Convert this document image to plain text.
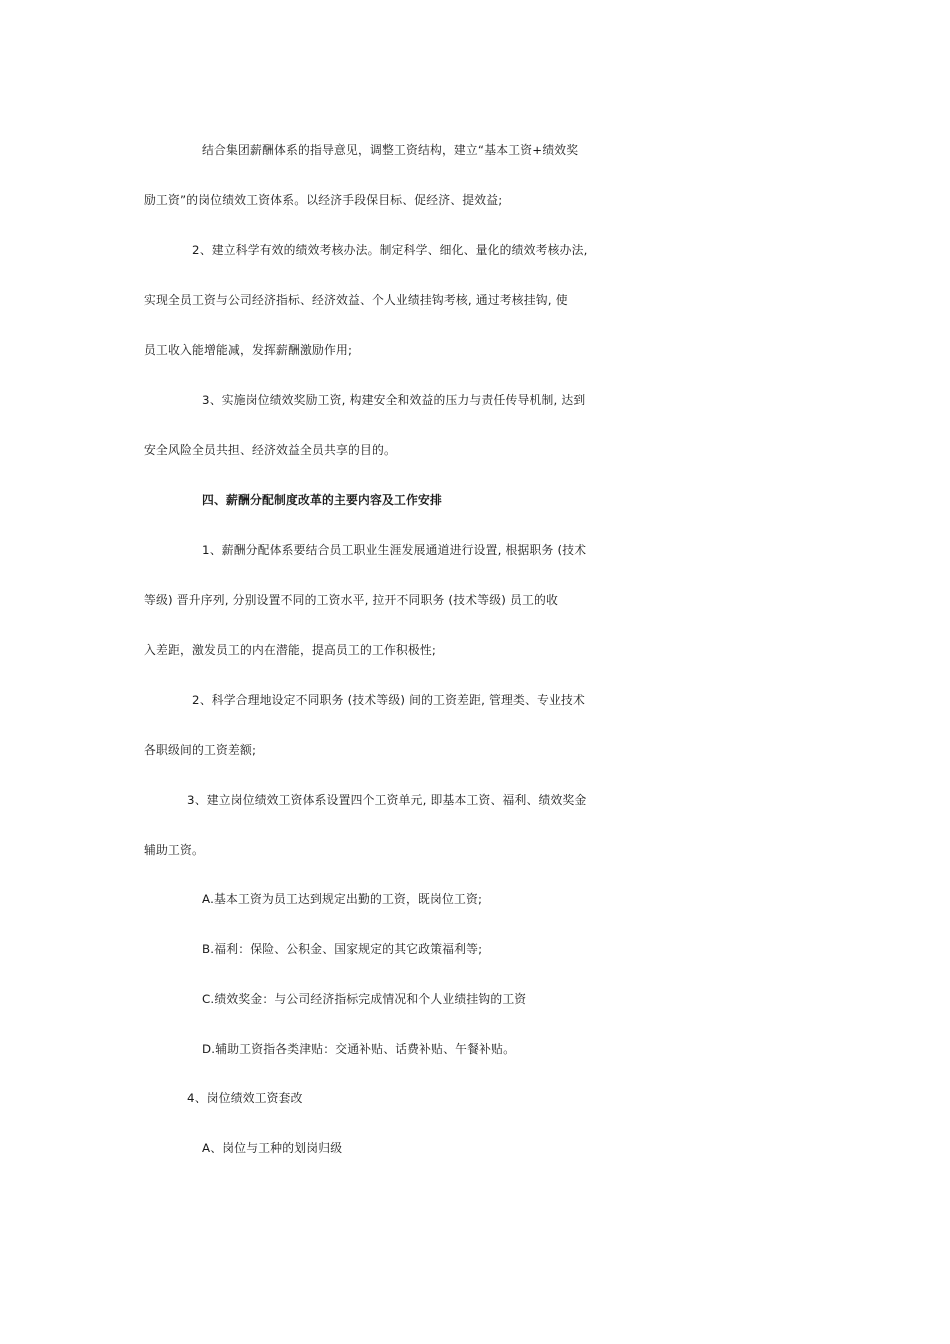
结合集团薪酬体系的指导意见，调整工资结构，建立“基本工资+绩效奖
励工资”的岗位绩效工资体系。以经济手段保目标、促经济、提效益;
2、建立科学有效的绩效考核办法。制定科学、细化、量化的绩效考核办法,
实现全员工资与公司经济指标、经济效益、个人业绩挂钩考核, 通过考核挂钩, 使
员工收入能增能减，发挥薪酬激励作用;
3、实施岗位绩效奖励工资, 构建安全和效益的压力与责任传导机制, 达到
安全风险全员共担、经济效益全员共享的目的。
四、薪酬分配制度改革的主要内容及工作安排
1、薪酬分配体系要结合员工职业生涯发展通道进行设置, 根据职务 (技术
等级) 晋升序列, 分别设置不同的工资水平, 拉开不同职务 (技术等级) 员工的收
入差距，激发员工的内在潜能，提高员工的工作积极性;
2、科学合理地设定不同职务 (技术等级) 间的工资差距, 管理类、专业技术
各职级间的工资差额;
3、建立岗位绩效工资体系设置四个工资单元, 即基本工资、福利、绩效奖金
辅助工资。
A.基本工资为员工达到规定出勤的工资，既岗位工资;
B.福利：保险、公积金、国家规定的其它政策福利等;
C.绩效奖金：与公司经济指标完成情况和个人业绩挂钩的工资
D.辅助工资指各类津贴：交通补贴、话费补贴、午餐补贴。
4、岗位绩效工资套改
A、岗位与工种的划岗归级
